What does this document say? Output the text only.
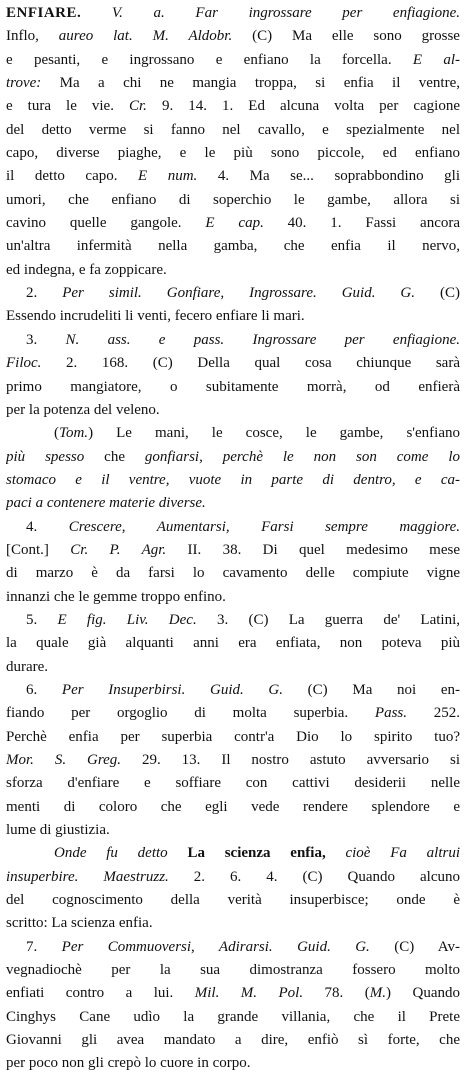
ENFIARE. V. a. Far ingrossare per enfiagione.
Inflo, aureo lat. M. Aldobr. (C) Ma elle sono grosse
e pesanti, e ingrossano e enfiano la forcella. E al-
trove: Ma a chi ne mangia troppa, si enfia il ventre,
e tura le vie. Cr. 9. 14. 1. Ed alcuna volta per cagione
del detto verme si fanno nel cavallo, e spezialmente nel
capo, diverse piaghe, e le più sono piccole, ed enfiano
il detto capo. E num. 4. Ma se... soprabbondino gli
umori, che enfiano di soperchio le gambe, allora si
cavino quelle gangole. E cap. 40. 1. Fassi ancora
un'altra infermità nella gamba, che enfia il nervo,
ed indegna, e fa zoppicare.
2. Per simil. Gonfiare, Ingrossare. Guid. G. (C)
Essendo incrudeliti li venti, fecero enfiare li mari.
3. N. ass. e pass. Ingrossare per enfiagione.
Filoc. 2. 168. (C) Della qual cosa chiunque sarà
primo mangiatore, o subitamente morrà, od enfierà
per la potenza del veleno.
(Tom.) Le mani, le cosce, le gambe, s'enfiano
più spesso che gonfiarsi, perchè le non son come lo
stomaco e il ventre, vuote in parte di dentro, e ca-
paci a contenere materie diverse.
4. Crescere, Aumentarsi, Farsi sempre maggiore.
[Cont.] Cr. P. Agr. II. 38. Di quel medesimo mese
di marzo è da farsi lo cavamento delle compiute vigne
innanzi che le gemme troppo enfino.
5. E fig. Liv. Dec. 3. (C) La guerra de' Latini,
la quale già alquanti anni era enfiata, non poteva più
durare.
6. Per Insuperbirsi. Guid. G. (C) Ma noi en-
fiando per orgoglio di molta superbia. Pass. 252.
Perchè enfia per superbia contr'a Dio lo spirito tuo?
Mor. S. Greg. 29. 13. Il nostro astuto avversario si
sforza d'enfiare e soffiare con cattivi desiderii nelle
menti di coloro che egli vede rendere splendore e
lume di giustizia.
Onde fu detto La scienza enfia, cioè Fa altrui
insuperbire. Maestruzz. 2. 6. 4. (C) Quando alcuno
del cognoscimento della verità insuperbisce; onde è
scritto: La scienza enfia.
7. Per Commuoversi, Adirarsi. Guid. G. (C) Av-
vegnadiochè per la sua dimostranza fossero molto
enfiati contro a lui. Mil. M. Pol. 78. (M.) Quando
Cinghys Cane udìo la grande villania, che il Prete
Giovanni gli avea mandato a dire, enfiò sì forte, che
per poco non gli crepò lo cuore in corpo.
